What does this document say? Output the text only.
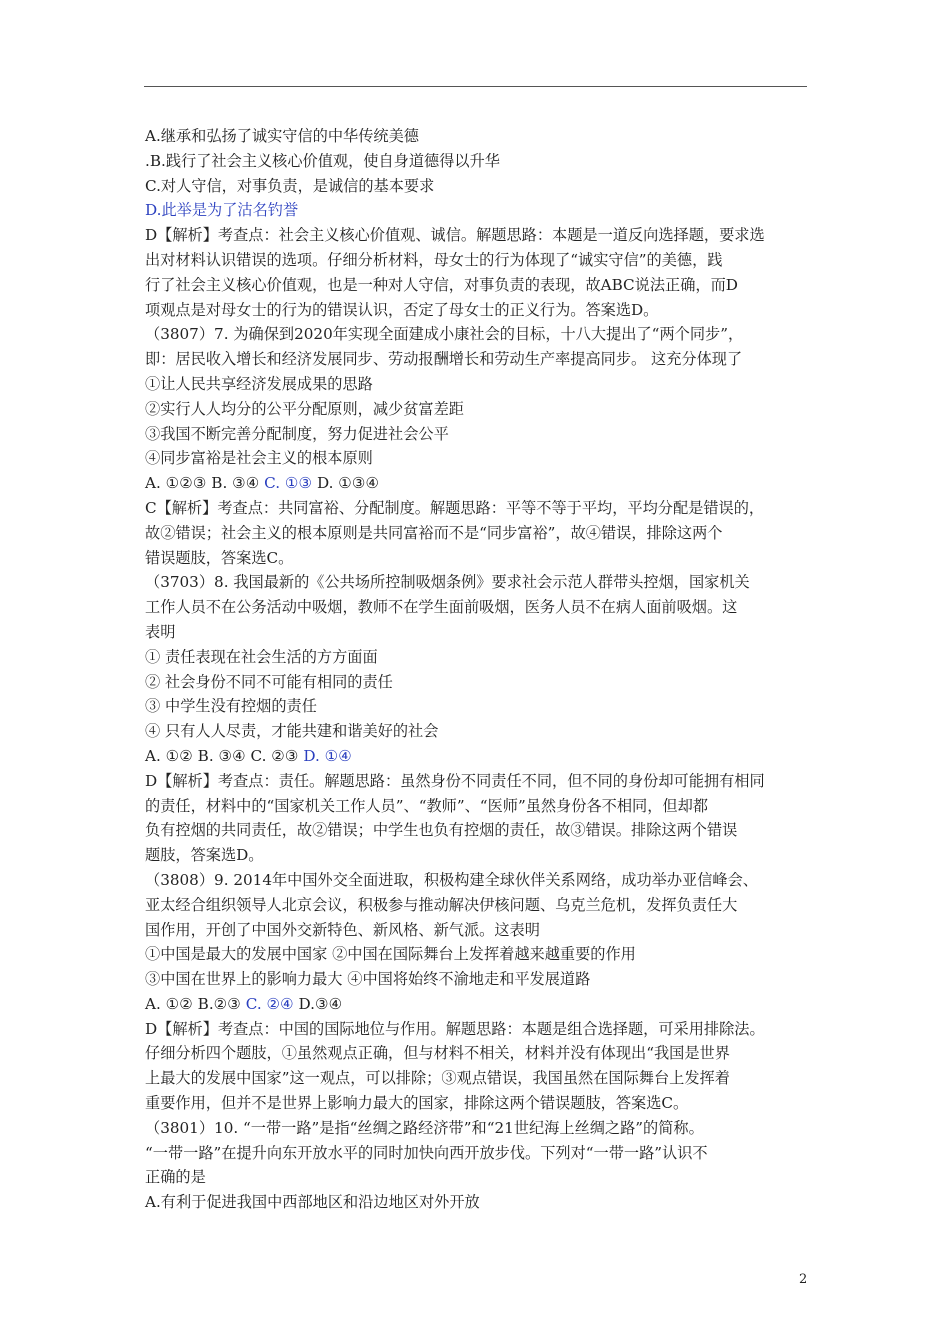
A.继承和弘扬了诚实守信的中华传统美德
.B.践行了社会主义核心价值观，使自身道德得以升华
C.对人守信，对事负责，是诚信的基本要求
D.此举是为了沽名钓誉
D【解析】考查点：社会主义核心价值观、诚信。解题思路：本题是一道反向选择题，要求选
出对材料认识错误的选项。仔细分析材料，母女士的行为体现了“诚实守信”的美德，践
行了社会主义核心价值观，也是一种对人守信，对事负责的表现，故ABC说法正确，而D
项观点是对母女士的行为的错误认识，否定了母女士的正义行为。答案选D。
（3807）7. 为确保到2020年实现全面建成小康社会的目标，十八大提出了“两个同步”，
即：居民收入增长和经济发展同步、劳动报酬增长和劳动生产率提高同步。 这充分体现了
①让人民共享经济发展成果的思路
②实行人人均分的公平分配原则，减少贫富差距
③我国不断完善分配制度，努力促进社会公平
④同步富裕是社会主义的根本原则
A. ①②③ B. ③④ C. ①③ D. ①③④
C【解析】考查点：共同富裕、分配制度。解题思路：平等不等于平均，平均分配是错误的，
故②错误；社会主义的根本原则是共同富裕而不是“同步富裕”，故④错误，排除这两个
错误题肢，答案选C。
（3703）8. 我国最新的《公共场所控制吸烟条例》要求社会示范人群带头控烟，国家机关
工作人员不在公务活动中吸烟，教师不在学生面前吸烟，医务人员不在病人面前吸烟。这
表明
① 责任表现在社会生活的方方面面
② 社会身份不同不可能有相同的责任
③ 中学生没有控烟的责任
④ 只有人人尽责，才能共建和谐美好的社会
A. ①② B. ③④ C. ②③ D. ①④
D【解析】考查点：责任。解题思路：虽然身份不同责任不同，但不同的身份却可能拥有相同
的责任，材料中的“国家机关工作人员”、“教师”、“医师”虽然身份各不相同，但却都
负有控烟的共同责任，故②错误；中学生也负有控烟的责任，故③错误。排除这两个错误
题肢，答案选D。
（3808）9. 2014年中国外交全面进取，积极构建全球伙伴关系网络，成功举办亚信峰会、
亚太经合组织领导人北京会议，积极参与推动解决伊核问题、乌克兰危机，发挥负责任大
国作用，开创了中国外交新特色、新风格、新气派。这表明
①中国是最大的发展中国家 ②中国在国际舞台上发挥着越来越重要的作用
③中国在世界上的影响力最大 ④中国将始终不渝地走和平发展道路
A. ①② B.②③ C. ②④ D.③④
D【解析】考查点：中国的国际地位与作用。解题思路：本题是组合选择题，可采用排除法。
仔细分析四个题肢，①虽然观点正确，但与材料不相关，材料并没有体现出“我国是世界
上最大的发展中国家”这一观点，可以排除；③观点错误，我国虽然在国际舞台上发挥着
重要作用，但并不是世界上影响力最大的国家，排除这两个错误题肢，答案选C。
（3801）10. “一带一路”是指“丝绸之路经济带”和“21世纪海上丝绸之路”的简称。
“一带一路”在提升向东开放水平的同时加快向西开放步伐。下列对“一带一路”认识不
正确的是
A.有利于促进我国中西部地区和沿边地区对外开放
2
